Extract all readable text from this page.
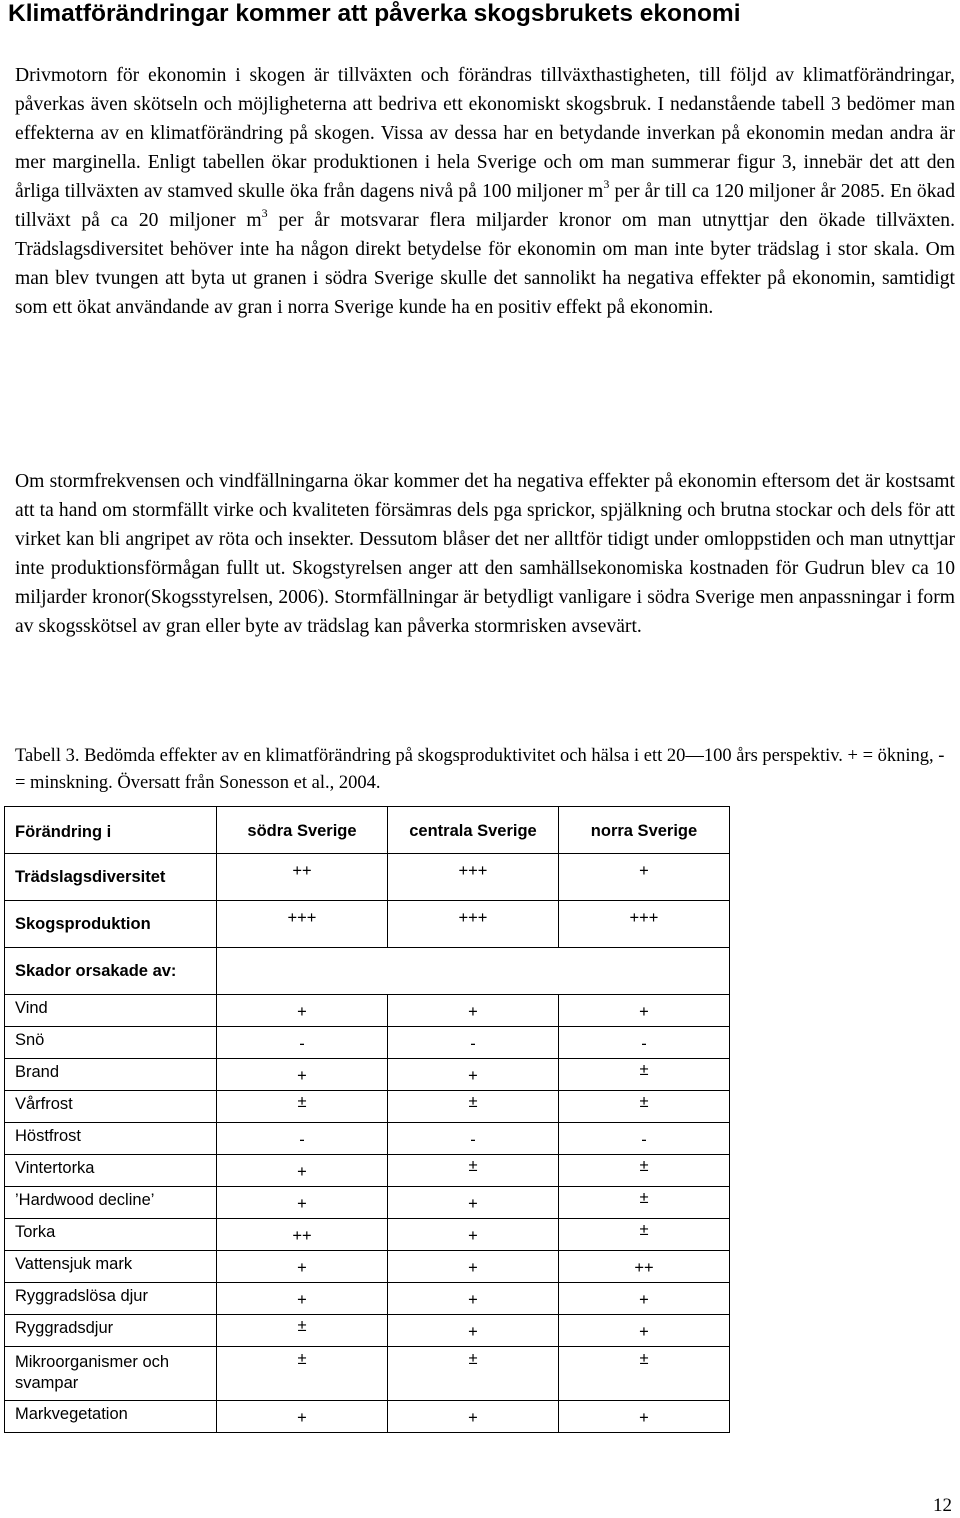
Klimatförändringar kommer att påverka skogsbrukets ekonomi

Drivmotorn för ekonomin i skogen är tillväxten och förändras tillväxthastigheten, till följd av klimatförändringar, påverkas även skötseln och möjligheterna att bedriva ett ekonomiskt skogsbruk. I nedanstående tabell 3 bedömer man effekterna av en klimatförändring på skogen. Vissa av dessa har en betydande inverkan på ekonomin medan andra är mer marginella. Enligt tabellen ökar produktionen i hela Sverige och om man summerar figur 3, innebär det att den årliga tillväxten av stamved skulle öka från dagens nivå på 100 miljoner $m^3$ per år till ca 120 miljoner år 2085. En ökad tillväxt på ca 20 miljoner $m^3$ per år motsvarar flera miljarder kronor om man utnyttjar den ökade tillväxten. Trädslagsdiversitet behöver inte ha någon direkt betydelse för ekonomin om man inte byter trädslag i stor skala. Om man blev tvungen att byta ut granen i södra Sverige skulle det sannolikt ha negativa effekter på ekonomin, samtidigt som ett ökat användande av gran i norra Sverige kunde ha en positiv effekt på ekonomin.

Om stormfrekvensen och vindfällningarna ökar kommer det ha negativa effekter på ekonomin eftersom det är kostsamt att ta hand om stormfällt virke och kvaliteten försämras dels pga sprickor, spjälkning och brutna stockar och dels för att virket kan bli angripet av röta och insekter. Dessutom blåser det ner alltför tidigt under omloppstiden och man utnyttjar inte produktionsförmågan fullt ut. Skogstyrelsen anger att den samhällsekonomiska kostnaden för Gudrun blev ca 10 miljarder kronor(Skogsstyrelsen, 2006). Stormfällningar är betydligt vanligare i södra Sverige men anpassningar i form av skogsskötsel av gran eller byte av trädslag kan påverka stormrisken avsevärt.

Tabell 3. Bedömda effekter av en klimatförändring på skogsproduktivitet och hälsa i ett 20—100 års perspektiv. + = ökning, - = minskning. Översatt från Sonesson et al., 2004.

Förändring i	södra Sverige	centrala Sverige	norra Sverige
Trädslagsdiversitet	++	+++	+
Skogsproduktion	+++	+++	+++
Skador orsakade av:			
Vind	+	+	+
Snö	-	-	-
Brand	+	+	±
Vårfrost	±	±	±
Höstfrost	-	-	-
Vintertorka	+	±	±
’Hardwood decline’	+	+	±
Torka	++	+	±
Vattensjuk mark	+	+	++
Ryggradslösa djur	+	+	+
Ryggradsdjur	±	+	+
Mikroorganismer och svampar	±	±	±
Markvegetation	+	+	+
12
